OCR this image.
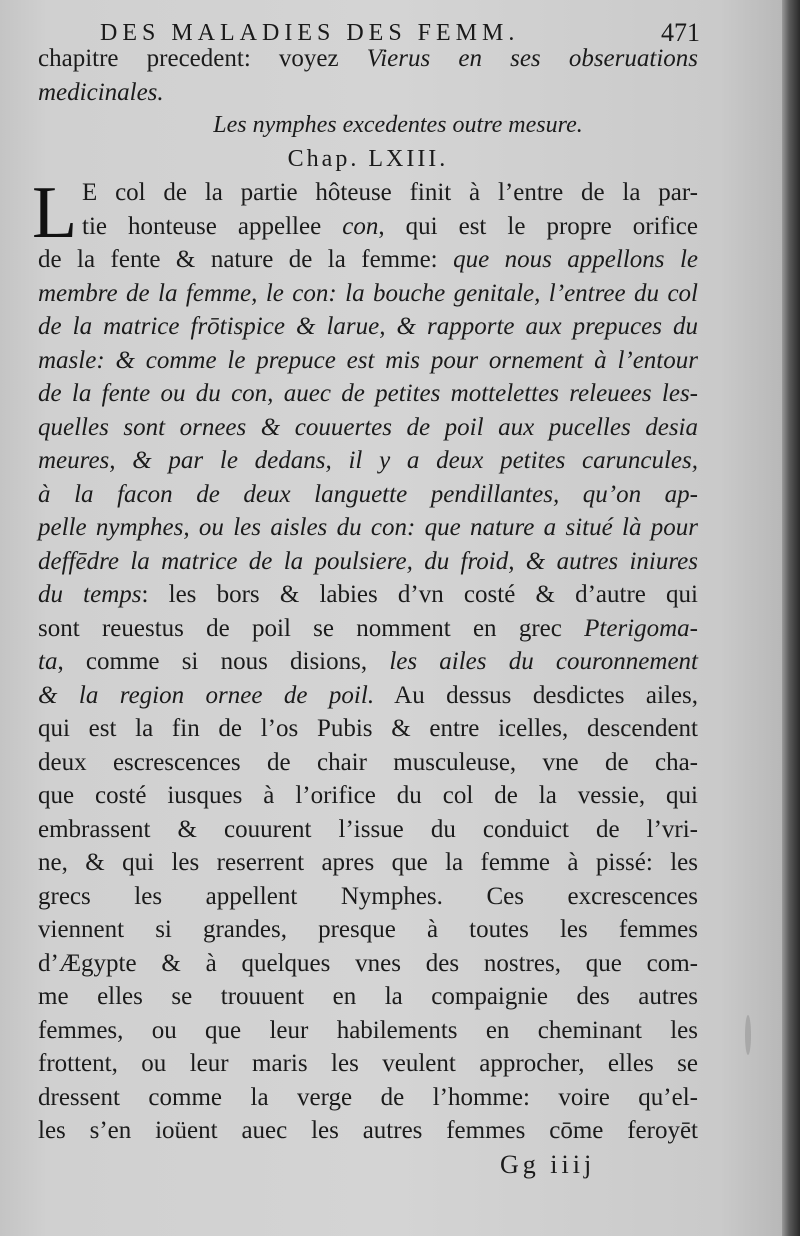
DES MALADIES DES FEMM.	471
chapitre precedent: voyez Vierus en ses obseruations
medicinales.
Les nymphes excedentes outre mesure.
Chap. LXIII.
L E col de la partie hôteuse finit à l’entre de la par-
tie honteuse appellee con, qui est le propre orifice
de la fente & nature de la femme: que nous appellons le
membre de la femme, le con: la bouche genitale, l’entree du col
de la matrice frōtispice & larue, & rapporte aux prepuces du
masle: & comme le prepuce est mis pour ornement à l’entour
de la fente ou du con, auec de petites mottelettes releuees les-
quelles sont ornees & couuertes de poil aux pucelles desia
meures, & par le dedans, il y a deux petites caruncules,
à la facon de deux languette pendillantes, qu’on ap-
pelle nymphes, ou les aisles du con: que nature a situé là pour
deffēdre la matrice de la poulsiere, du froid, & autres iniures
du temps: les bors & labies d’vn costé & d’autre qui
sont reuestus de poil se nomment en grec Pterigoma-
ta, comme si nous disions, les ailes du couronnement
& la region ornee de poil. Au dessus desdictes ailes,
qui est la fin de l’os Pubis & entre icelles, descendent
deux escrescences de chair musculeuse, vne de cha-
que costé iusques à l’orifice du col de la vessie, qui
embrassent & couurent l’issue du conduict de l’vri-
ne, & qui les reserrent apres que la femme à pissé: les
grecs les appellent Nymphes. Ces excrescences
viennent si grandes, presque à toutes les femmes
d’Ægypte & à quelques vnes des nostres, que com-
me elles se trouuent en la compaignie des autres
femmes, ou que leur habilements en cheminant les
frottent, ou leur maris les veulent approcher, elles se
dressent comme la verge de l’homme: voire qu’el-
les s’en ioüent auec les autres femmes cōme feroyēt
Gg iiij
